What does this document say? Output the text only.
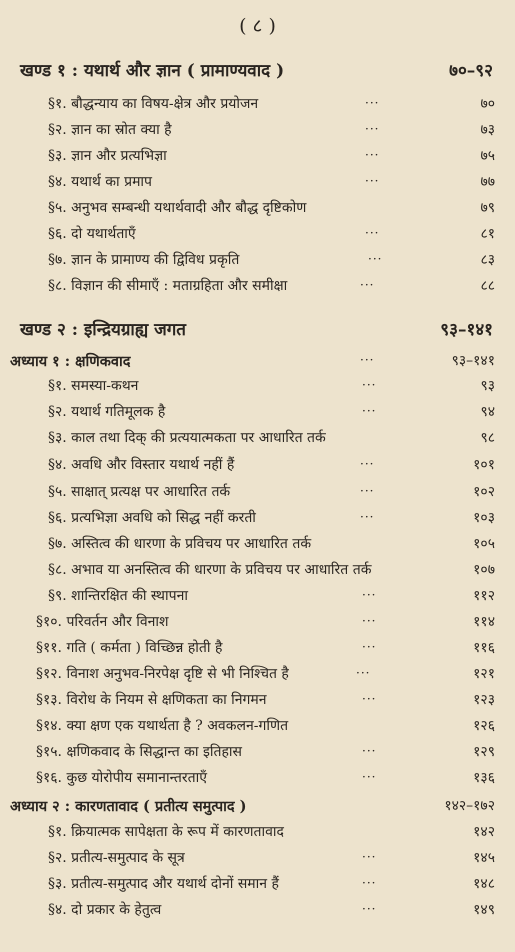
( ८ )
खण्ड १ : यथार्थ और ज्ञान ( प्रामाण्यवाद )	७०–९२
§१. बौद्धन्याय का विषय-क्षेत्र और प्रयोजन	···	७०
§२. ज्ञान का स्रोत क्या है	···	७३
§३. ज्ञान और प्रत्यभिज्ञा	···	७५
§४. यथार्थ का प्रमाप	···	७७
§५. अनुभव सम्बन्धी यथार्थवादी और बौद्ध दृष्टिकोण	७९
§६. दो यथार्थताएँ	···	८१
§७. ज्ञान के प्रामाण्य की द्विविध प्रकृति	···	८३
§८. विज्ञान की सीमाएँ : मताग्रहिता और समीक्षा	···	८८
खण्ड २ : इन्द्रियग्राह्य जगत	९३–१४१
अध्याय १ : क्षणिकवाद	···	९३–१४१
§१. समस्या-कथन	···	९३
§२. यथार्थ गतिमूलक है	···	९४
§३. काल तथा दिक् की प्रत्ययात्मकता पर आधारित तर्क	९८
§४. अवधि और विस्तार यथार्थ नहीं हैं	···	१०१
§५. साक्षात् प्रत्यक्ष पर आधारित तर्क	···	१०२
§६. प्रत्यभिज्ञा अवधि को सिद्ध नहीं करती	···	१०३
§७. अस्तित्व की धारणा के प्रविचय पर आधारित तर्क	१०५
§८. अभाव या अनस्तित्व की धारणा के प्रविचय पर आधारित तर्क	१०७
§९. शान्तिरक्षित की स्थापना	···	११२
§१०. परिवर्तन और विनाश	···	११४
§११. गति ( कर्मता ) विच्छिन्न होती है	···	११६
§१२. विनाश अनुभव-निरपेक्ष दृष्टि से भी निश्चित है	···	१२१
§१३. विरोध के नियम से क्षणिकता का निगमन	···	१२३
§१४. क्या क्षण एक यथार्थता है ? अवकलन-गणित	१२६
§१५. क्षणिकवाद के सिद्धान्त का इतिहास	···	१२९
§१६. कुछ योरोपीय समानान्तरताएँ	···	१३६
अध्याय २ : कारणतावाद ( प्रतीत्य समुत्पाद )	१४२–१७२
§१. क्रियात्मक सापेक्षता के रूप में कारणतावाद	१४२
§२. प्रतीत्य-समुत्पाद के सूत्र	···	१४५
§३. प्रतीत्य-समुत्पाद और यथार्थ दोनों समान हैं	···	१४८
§४. दो प्रकार के हेतुत्व	···	१४९
